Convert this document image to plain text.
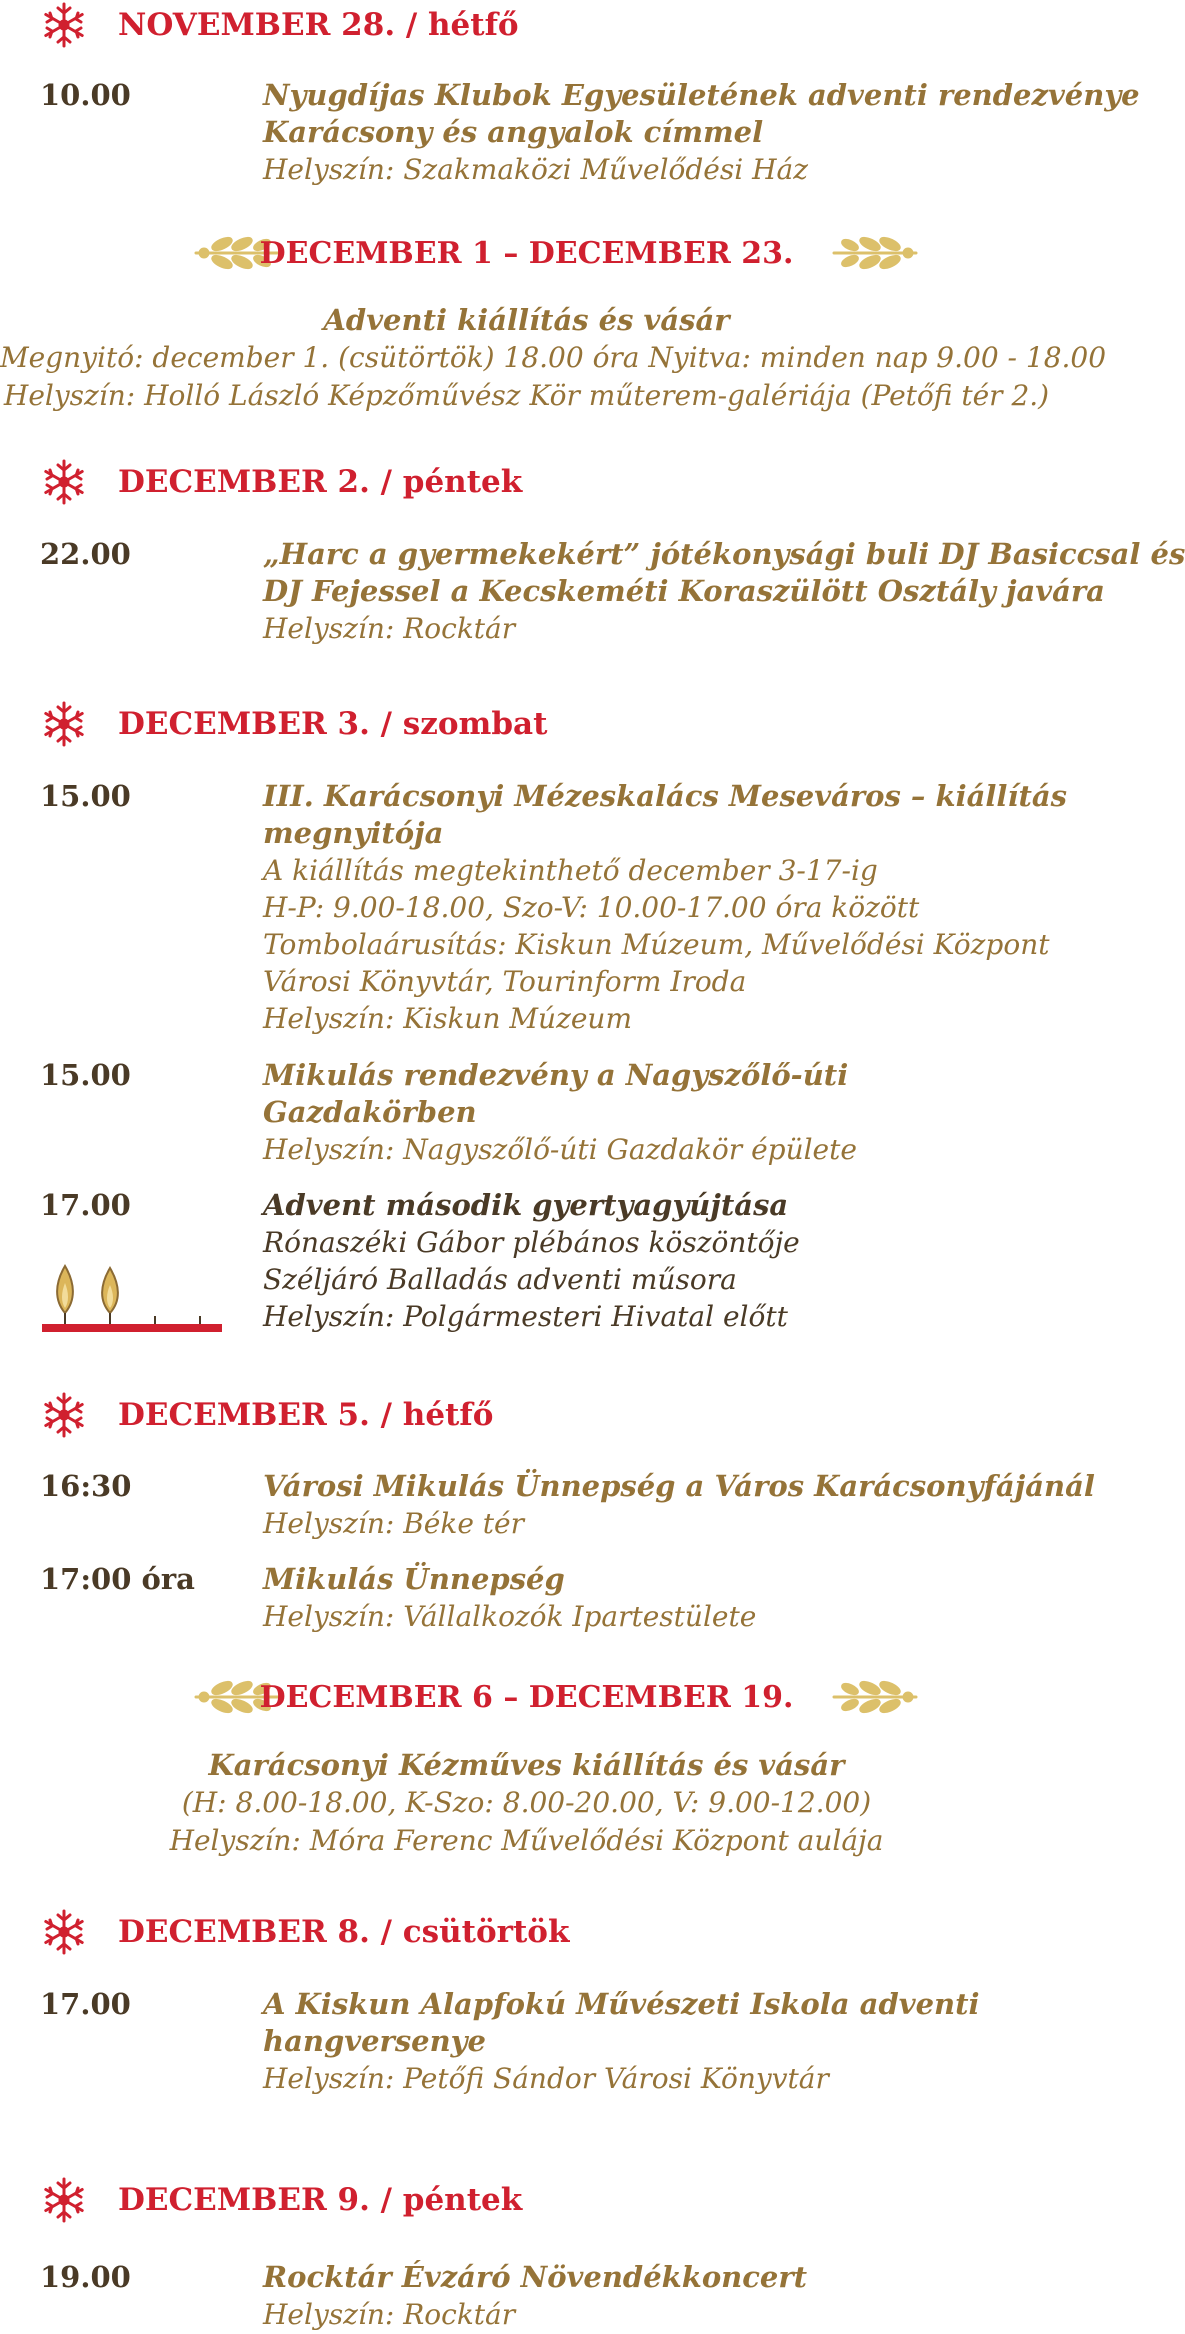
NOVEMBER 28. / hétfő
10.00	Nyugdíjas Klubok Egyesületének adventi rendezvénye
Karácsony és angyalok címmel
Helyszín: Szakmaközi Művelődési Ház
DECEMBER 1 – DECEMBER 23.
Adventi kiállítás és vásár
Megnyitó: december 1. (csütörtök) 18.00 óra Nyitva: minden nap 9.00 - 18.00
Helyszín: Holló László Képzőművész Kör műterem-galériája (Petőfi tér 2.)
DECEMBER 2. / péntek
22.00	„Harc a gyermekekért” jótékonysági buli DJ Basiccsal és
DJ Fejessel a Kecskeméti Koraszülött Osztály javára
Helyszín: Rocktár
DECEMBER 3. / szombat
15.00	III. Karácsonyi Mézeskalács Meseváros – kiállítás
megnyitója
A kiállítás megtekinthető december 3-17-ig
H-P: 9.00-18.00, Szo-V: 10.00-17.00 óra között
Tombolaárusítás: Kiskun Múzeum, Művelődési Központ
Városi Könyvtár, Tourinform Iroda
Helyszín: Kiskun Múzeum
15.00	Mikulás rendezvény a Nagyszőlő-úti
Gazdakörben
Helyszín: Nagyszőlő-úti Gazdakör épülete
17.00	Advent második gyertyagyújtása
Rónaszéki Gábor plébános köszöntője
Széljáró Balladás adventi műsora
Helyszín: Polgármesteri Hivatal előtt
DECEMBER 5. / hétfő
16:30	Városi Mikulás Ünnepség a Város Karácsonyfájánál
Helyszín: Béke tér
17:00 óra Mikulás Ünnepség
Helyszín: Vállalkozók Ipartestülete
DECEMBER 6 – DECEMBER 19.
Karácsonyi Kézműves kiállítás és vásár
(H: 8.00-18.00, K-Szo: 8.00-20.00, V: 9.00-12.00)
Helyszín: Móra Ferenc Művelődési Központ aulája
DECEMBER 8. / csütörtök
17.00	A Kiskun Alapfokú Művészeti Iskola adventi
hangversenye
Helyszín: Petőfi Sándor Városi Könyvtár
DECEMBER 9. / péntek
19.00	Rocktár Évzáró Növendékkoncert
Helyszín: Rocktár
